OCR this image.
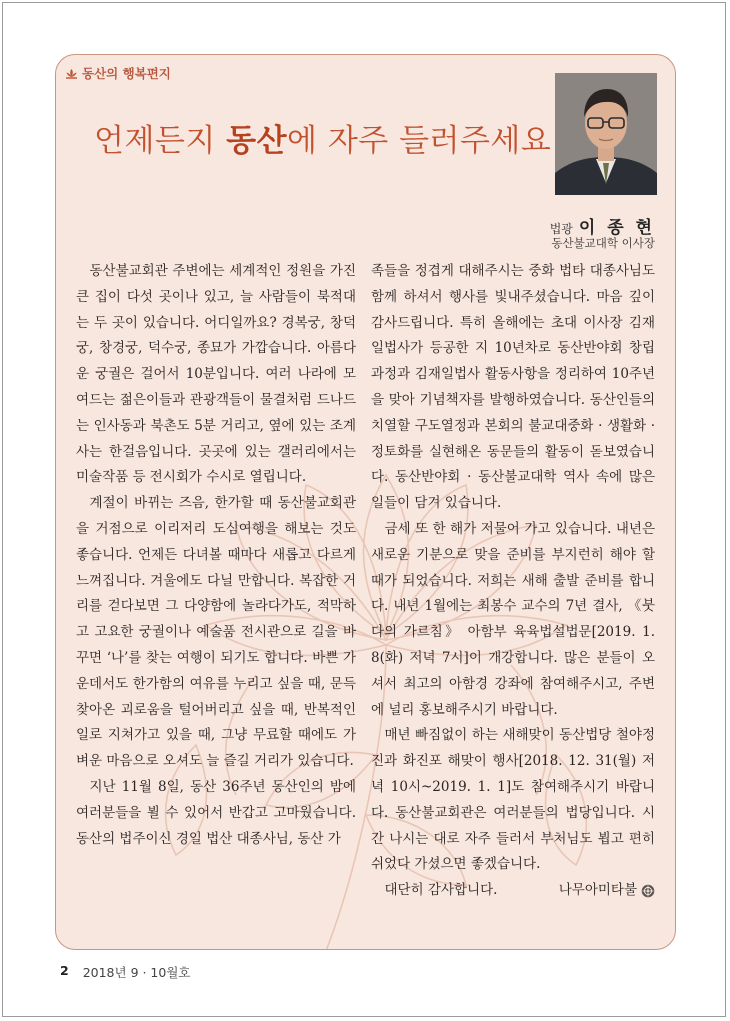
동산의 행복편지
언제든지 동산에 자주 들러주세요
법광 이 종 현
동산불교대학 이사장

동산불교회관 주변에는 세계적인 정원을 가진 큰 집이 다섯 곳이나 있고, 늘 사람들이 북적대는 두 곳이 있습니다. 어디일까요? 경복궁, 창덕궁, 창경궁, 덕수궁, 종묘가 가깝습니다. 아름다운 궁궐은 걸어서 10분입니다. 여러 나라에 모여드는 젊은이들과 관광객들이 물결처럼 드나드는 인사동과 북촌도 5분 거리고, 옆에 있는 조계사는 한걸음입니다. 곳곳에 있는 갤러리에서는 미술작품 등 전시회가 수시로 열립니다.

계절이 바뀌는 즈음, 한가할 때 동산불교회관을 거점으로 이리저리 도심여행을 해보는 것도 좋습니다. 언제든 다녀볼 때마다 새롭고 다르게 느껴집니다. 겨울에도 다닐 만합니다. 복잡한 거리를 걷다보면 그 다양함에 놀라다가도, 적막하고 고요한 궁궐이나 예술품 전시관으로 길을 바꾸면 ‘나’를 찾는 여행이 되기도 합니다. 바쁜 가운데서도 한가함의 여유를 누리고 싶을 때, 문득 찾아온 괴로움을 털어버리고 싶을 때, 반복적인 일로 지쳐가고 있을 때, 그냥 무료할 때에도 가벼운 마음으로 오셔도 늘 즐길 거리가 있습니다.

지난 11월 8일, 동산 36주년 동산인의 밤에 여러분들을 뵐 수 있어서 반갑고 고마웠습니다. 동산의 법주이신 경일 법산 대종사님, 동산 가

족들을 정겹게 대해주시는 중화 법타 대종사님도 함께 하셔서 행사를 빛내주셨습니다. 마음 깊이 감사드립니다. 특히 올해에는 초대 이사장 김재일법사가 등공한 지 10년차로 동산반야회 창립 과정과 김재일법사 활동사항을 정리하여 10주년을 맞아 기념책자를 발행하였습니다. 동산인들의 치열할 구도열정과 본회의 불교대중화 · 생활화 · 정토화를 실현해온 동문들의 활동이 돋보였습니다. 동산반야회 · 동산불교대학 역사 속에 많은 일들이 담겨 있습니다.

금세 또 한 해가 저물어 가고 있습니다. 내년은 새로운 기분으로 맞을 준비를 부지런히 해야 할 때가 되었습니다. 저희는 새해 출발 준비를 합니다. 내년 1월에는 최봉수 교수의 7년 결사, 《붓다의 가르침》 아함부 육육법설법문[2019. 1. 8(화) 저녁 7시]이 개강합니다. 많은 분들이 오셔서 최고의 아함경 강좌에 참여해주시고, 주변에 널리 홍보해주시기 바랍니다.

매년 빠짐없이 하는 새해맞이 동산법당 철야정진과 화진포 해맞이 행사[2018. 12. 31(월) 저녁 10시~2019. 1. 1]도 참여해주시기 바랍니다. 동산불교회관은 여러분들의 법당입니다. 시간 나시는 대로 자주 들러서 부처님도 뵙고 편히 쉬었다 가셨으면 좋겠습니다.

대단히 감사합니다.	나무아미타불

2 2018년 9 · 10월호
